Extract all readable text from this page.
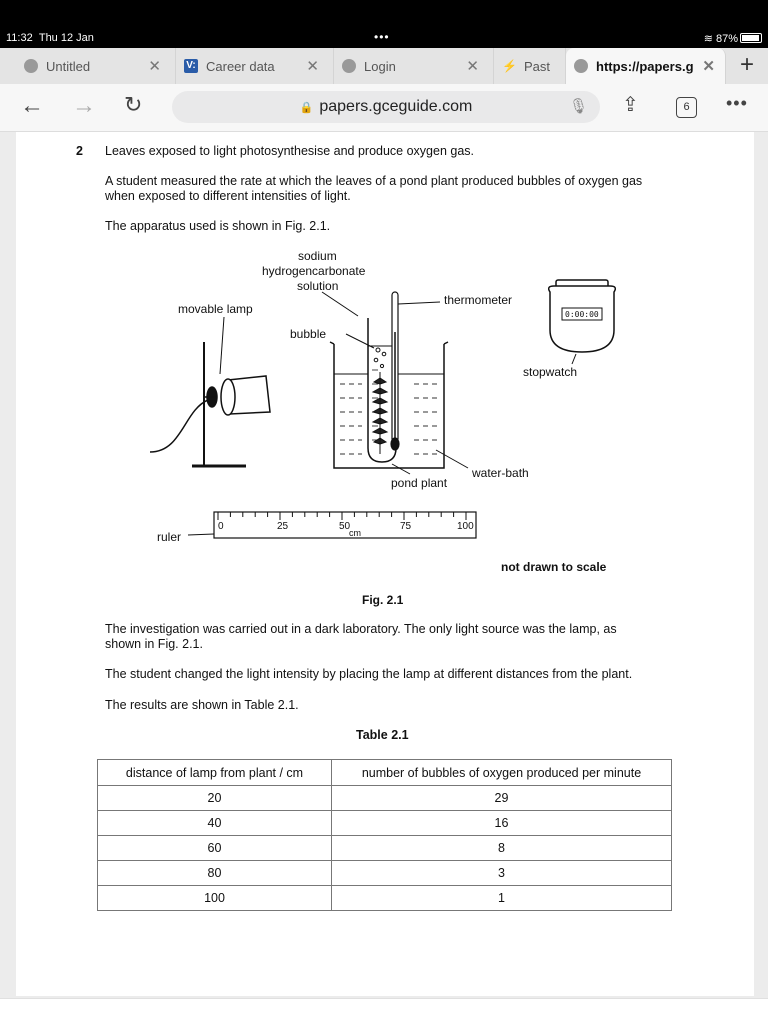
11:32 Thu 12 Jan	•••	≋ 87%
Untitled	✕	V: Career data ✕	Login	✕ ⚡ Past	https://papers.g ✕ +
← → ↻	🔒 papers.gceguide.com	🎙 ⇪	6	•••
2 Leaves exposed to light photosynthesise and produce oxygen gas.
A student measured the rate at which the leaves of a pond plant produced bubbles of oxygen gas
when exposed to different intensities of light.
The apparatus used is shown in Fig. 2.1.
sodium
hydrogencarbonate
solution
movable lamp
bubble
thermometer
stopwatch
0:00:00
water-bath
pond plant
ruler
0	25	50	75	100
cm
not drawn to scale
Fig. 2.1
The investigation was carried out in a dark laboratory. The only light source was the lamp, as
shown in Fig. 2.1.
The student changed the light intensity by placing the lamp at different distances from the plant.
The results are shown in Table 2.1.
Table 2.1
distance of lamp from plant / cm	number of bubbles of oxygen produced per minute
20	29
40	16
60	8
80	3
100	1
